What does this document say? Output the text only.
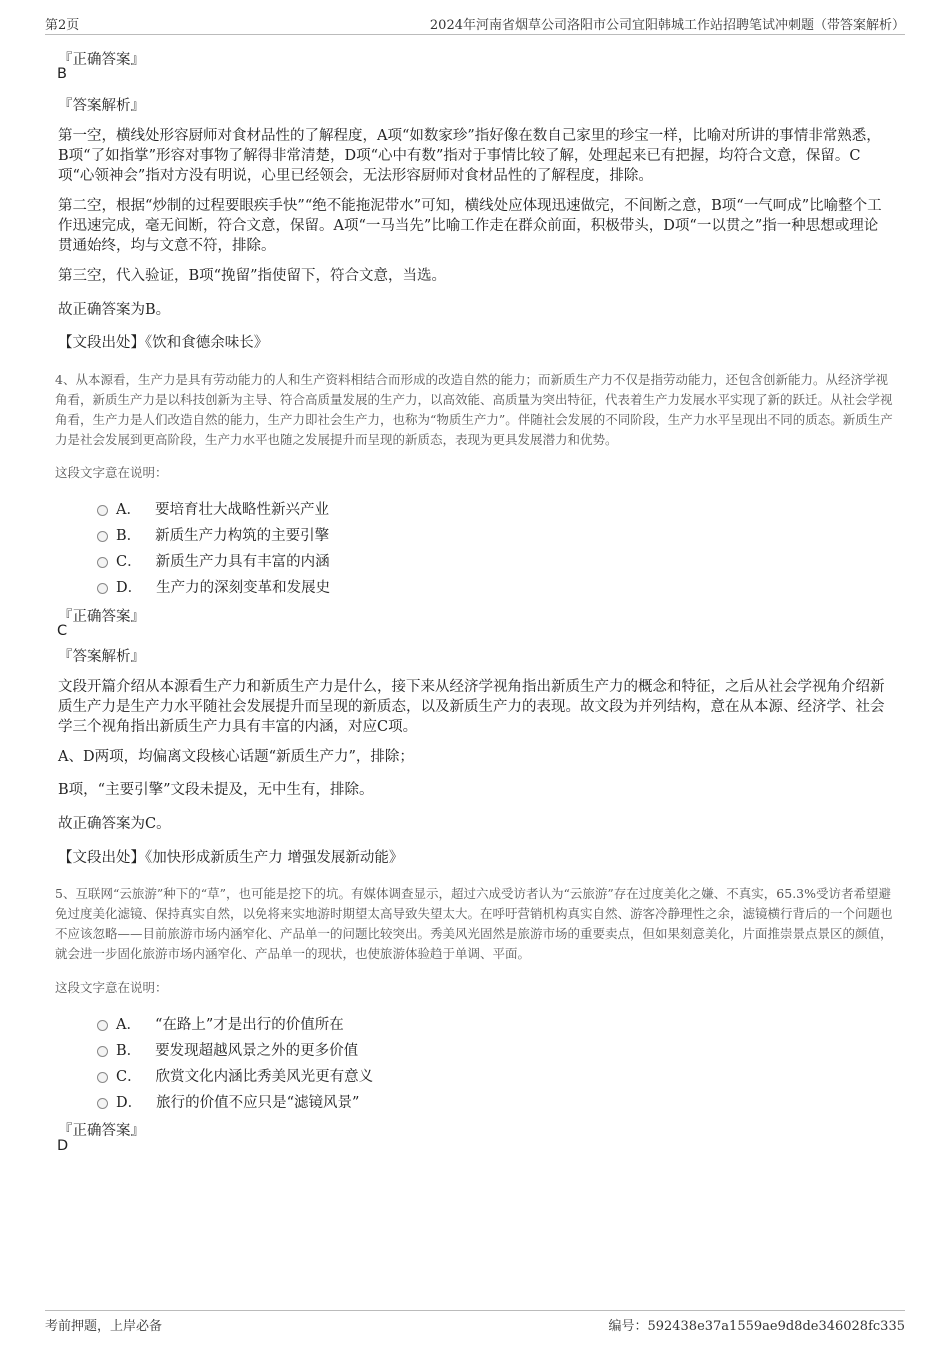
第2页	2024年河南省烟草公司洛阳市公司宜阳韩城工作站招聘笔试冲刺题（带答案解析）
『正确答案』
B
『答案解析』
第一空，横线处形容厨师对食材品性的了解程度，A项“如数家珍”指好像在数自己家里的珍宝一样，比喻对所讲的事情非常熟悉，B项“了如指掌”形容对事物了解得非常清楚，D项“心中有数”指对于事情比较了解，处理起来已有把握，均符合文意，保留。C项“心领神会”指对方没有明说，心里已经领会，无法形容厨师对食材品性的了解程度，排除。
第二空，根据“炒制的过程要眼疾手快”“绝不能拖泥带水”可知，横线处应体现迅速做完，不间断之意，B项“一气呵成”比喻整个工作迅速完成，毫无间断，符合文意，保留。A项“一马当先”比喻工作走在群众前面，积极带头，D项“一以贯之”指一种思想或理论贯通始终，均与文意不符，排除。
第三空，代入验证，B项“挽留”指使留下，符合文意，当选。
故正确答案为B。
【文段出处】《饮和食德余味长》
4、从本源看，生产力是具有劳动能力的人和生产资料相结合而形成的改造自然的能力；而新质生产力不仅是指劳动能力，还包含创新能力。从经济学视角看，新质生产力是以科技创新为主导、符合高质量发展的生产力，以高效能、高质量为突出特征，代表着生产力发展水平实现了新的跃迁。从社会学视角看，生产力是人们改造自然的能力，生产力即社会生产力，也称为“物质生产力”。伴随社会发展的不同阶段，生产力水平呈现出不同的质态。新质生产力是社会发展到更高阶段，生产力水平也随之发展提升而呈现的新质态，表现为更具发展潜力和优势。
这段文字意在说明：
A． 要培育壮大战略性新兴产业
B． 新质生产力构筑的主要引擎
C． 新质生产力具有丰富的内涵
D． 生产力的深刻变革和发展史
『正确答案』
C
『答案解析』
文段开篇介绍从本源看生产力和新质生产力是什么，接下来从经济学视角指出新质生产力的概念和特征，之后从社会学视角介绍新质生产力是生产力水平随社会发展提升而呈现的新质态，以及新质生产力的表现。故文段为并列结构，意在从本源、经济学、社会学三个视角指出新质生产力具有丰富的内涵，对应C项。
A、D两项，均偏离文段核心话题“新质生产力”，排除；
B项，“主要引擎”文段未提及，无中生有，排除。
故正确答案为C。
【文段出处】《加快形成新质生产力 增强发展新动能》
5、互联网“云旅游”种下的“草”，也可能是挖下的坑。有媒体调查显示，超过六成受访者认为“云旅游”存在过度美化之嫌、不真实，65.3%受访者希望避免过度美化滤镜、保持真实自然，以免将来实地游时期望太高导致失望太大。在呼吁营销机构真实自然、游客冷静理性之余，滤镜横行背后的一个问题也不应该忽略——目前旅游市场内涵窄化、产品单一的问题比较突出。秀美风光固然是旅游市场的重要卖点，但如果刻意美化，片面推崇景点景区的颜值，就会进一步固化旅游市场内涵窄化、产品单一的现状，也使旅游体验趋于单调、平面。
这段文字意在说明：
A． “在路上”才是出行的价值所在
B． 要发现超越风景之外的更多价值
C． 欣赏文化内涵比秀美风光更有意义
D． 旅行的价值不应只是“滤镜风景”
『正确答案』
D
考前押题，上岸必备	编号：592438e37a1559ae9d8de346028fc335
